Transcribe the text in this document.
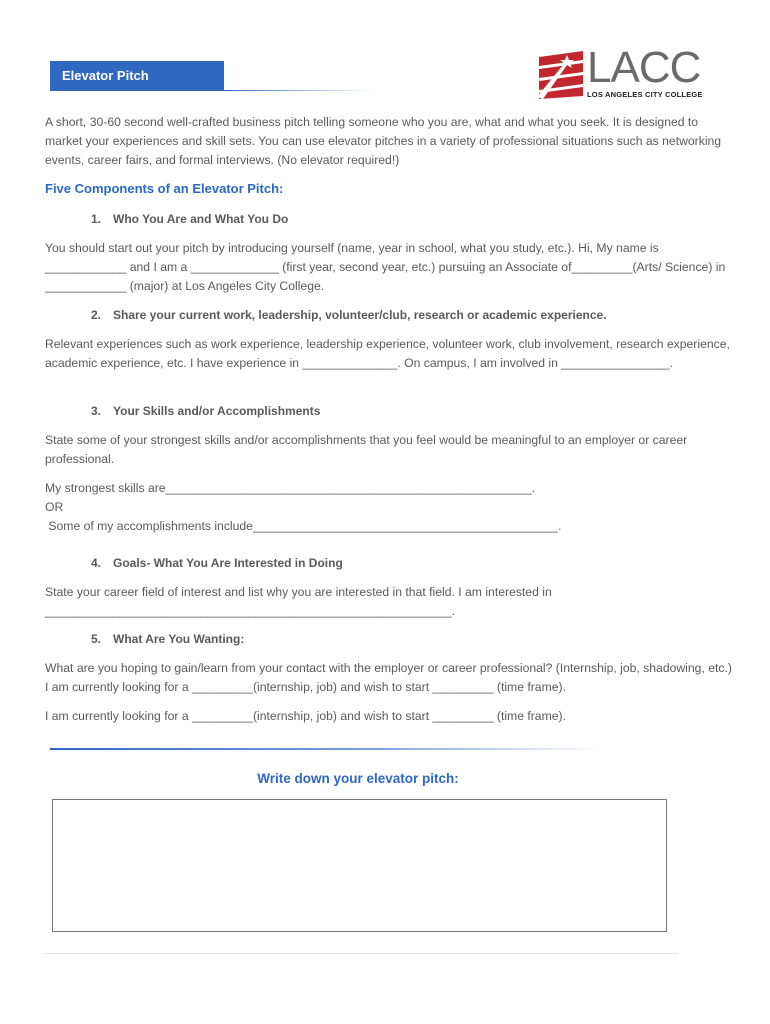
Elevator Pitch	LACC
LOS ANGELES CITY COLLEGE

A short, 30-60 second well-crafted business pitch telling someone who you are, what and what you seek. It is designed to market your experiences and skill sets. You can use elevator pitches in a variety of professional situations such as networking events, career fairs, and formal interviews. (No elevator required!)

Five Components of an Elevator Pitch:

1. Who You Are and What You Do

You should start out your pitch by introducing yourself (name, year in school, what you study, etc.). Hi, My name is ____________ and I am a _____________ (first year, second year, etc.) pursuing an Associate of_________(Arts/ Science) in ____________ (major) at Los Angeles City College.

2. Share your current work, leadership, volunteer/club, research or academic experience.

Relevant experiences such as work experience, leadership experience, volunteer work, club involvement, research experience, academic experience, etc. I have experience in ______________. On campus, I am involved in ________________.

3. Your Skills and/or Accomplishments

State some of your strongest skills and/or accomplishments that you feel would be meaningful to an employer or career professional.

My strongest skills are______________________________________________________.

OR

Some of my accomplishments include_____________________________________________.

4. Goals- What You Are Interested in Doing

State your career field of interest and list why you are interested in that field. I am interested in ____________________________________________________________.

5. What Are You Wanting:

What are you hoping to gain/learn from your contact with the employer or career professional? (Internship, job, shadowing, etc.) I am currently looking for a _________(internship, job) and wish to start _________ (time frame).

I am currently looking for a _________(internship, job) and wish to start _________ (time frame).

Write down your elevator pitch:
